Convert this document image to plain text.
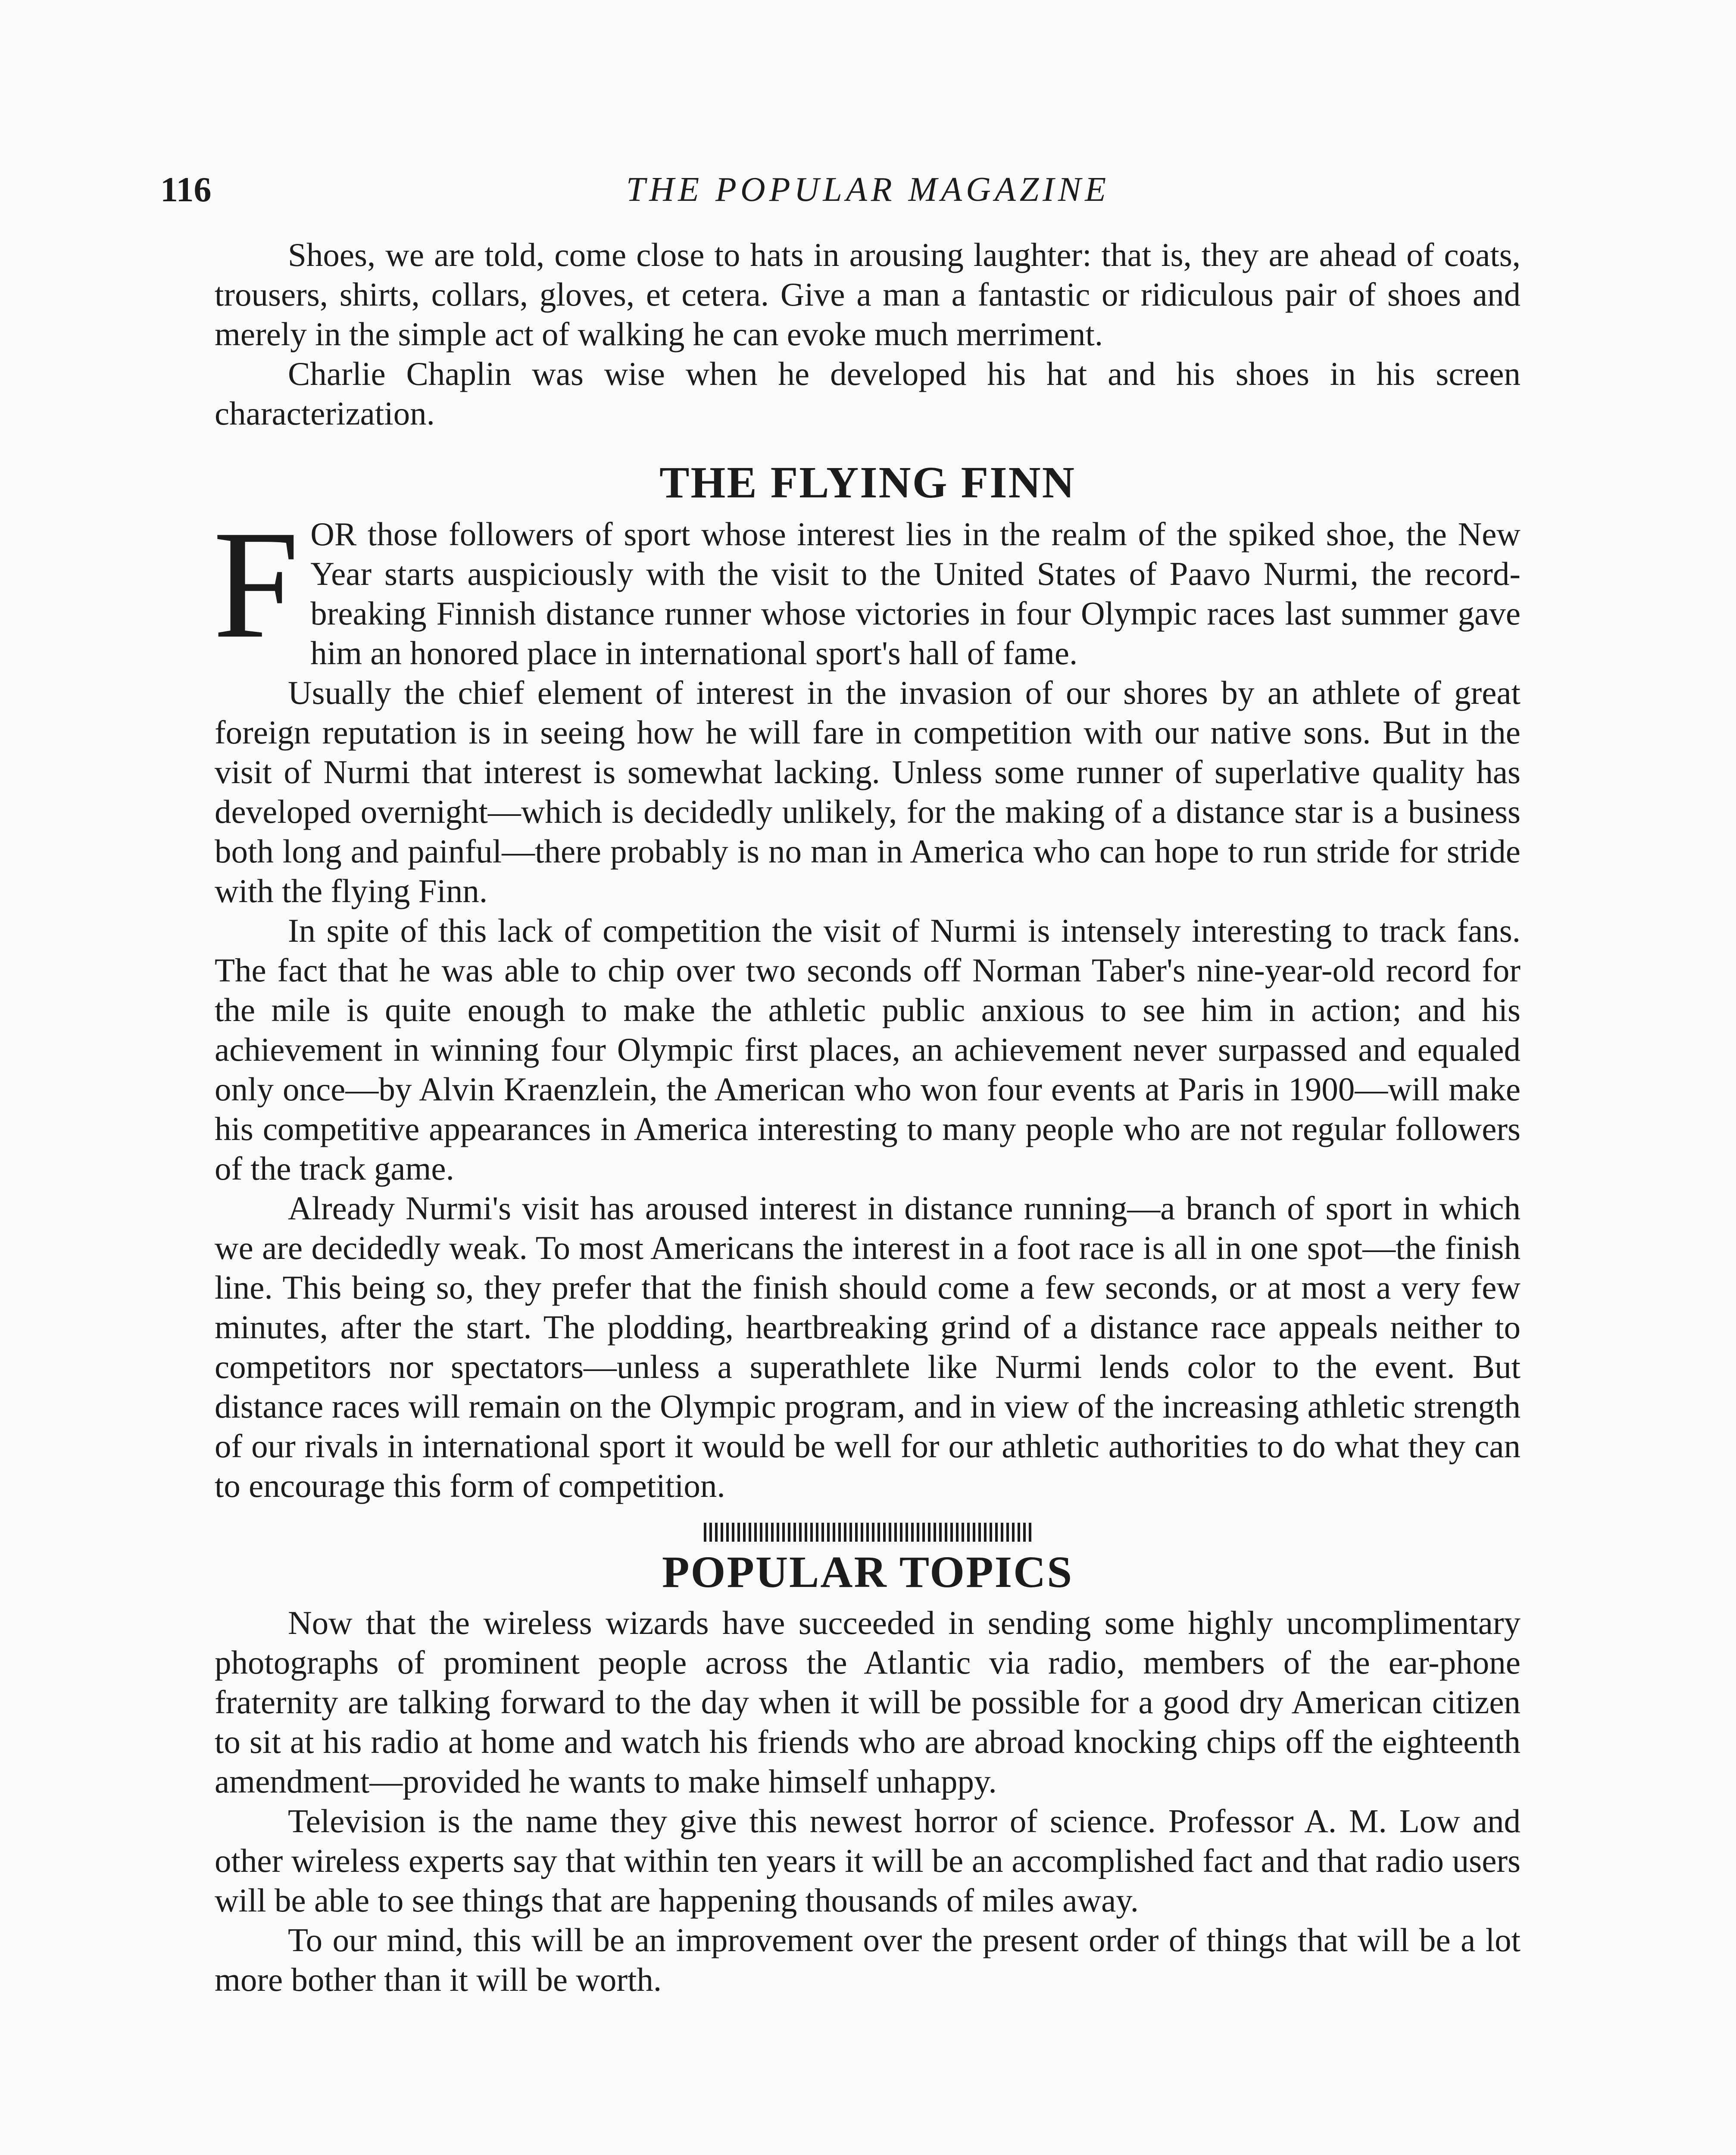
116	THE POPULAR MAGAZINE

Shoes, we are told, come close to hats in arousing laughter: that is, they are ahead of coats, trousers, shirts, collars, gloves, et cetera. Give a man a fantastic or ridiculous pair of shoes and merely in the simple act of walking he can evoke much merriment.

Charlie Chaplin was wise when he developed his hat and his shoes in his screen characterization.

THE FLYING FINN

FOR those followers of sport whose interest lies in the realm of the spiked shoe, the New Year starts auspiciously with the visit to the United States of Paavo Nurmi, the record-breaking Finnish distance runner whose victories in four Olympic races last summer gave him an honored place in international sport's hall of fame.

Usually the chief element of interest in the invasion of our shores by an athlete of great foreign reputation is in seeing how he will fare in competition with our native sons. But in the visit of Nurmi that interest is somewhat lacking. Unless some runner of superlative quality has developed overnight—which is decidedly unlikely, for the making of a distance star is a business both long and painful—there probably is no man in America who can hope to run stride for stride with the flying Finn.

In spite of this lack of competition the visit of Nurmi is intensely interesting to track fans. The fact that he was able to chip over two seconds off Norman Taber's nine-year-old record for the mile is quite enough to make the athletic public anxious to see him in action; and his achievement in winning four Olympic first places, an achievement never surpassed and equaled only once—by Alvin Kraenzlein, the American who won four events at Paris in 1900—will make his competitive appearances in America interesting to many people who are not regular followers of the track game.

Already Nurmi's visit has aroused interest in distance running—a branch of sport in which we are decidedly weak. To most Americans the interest in a foot race is all in one spot—the finish line. This being so, they prefer that the finish should come a few seconds, or at most a very few minutes, after the start. The plodding, heartbreaking grind of a distance race appeals neither to competitors nor spectators—unless a superathlete like Nurmi lends color to the event. But distance races will remain on the Olympic program, and in view of the increasing athletic strength of our rivals in international sport it would be well for our athletic authorities to do what they can to encourage this form of competition.

POPULAR TOPICS

Now that the wireless wizards have succeeded in sending some highly uncomplimentary photographs of prominent people across the Atlantic via radio, members of the ear-phone fraternity are talking forward to the day when it will be possible for a good dry American citizen to sit at his radio at home and watch his friends who are abroad knocking chips off the eighteenth amendment—provided he wants to make himself unhappy.

Television is the name they give this newest horror of science. Professor A. M. Low and other wireless experts say that within ten years it will be an accomplished fact and that radio users will be able to see things that are happening thousands of miles away.

To our mind, this will be an improvement over the present order of things that will be a lot more bother than it will be worth.
